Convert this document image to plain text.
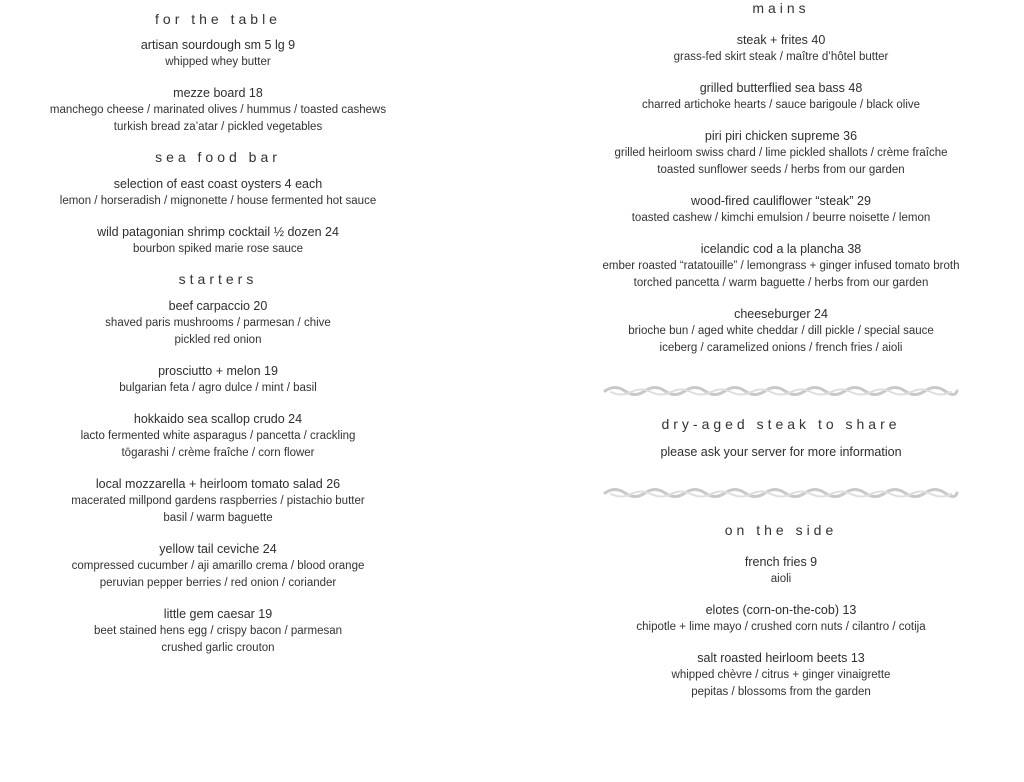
for the table
artisan sourdough sm 5 lg 9
whipped whey butter
mezze board 18
manchego cheese / marinated olives / hummus / toasted cashews
turkish bread za’atar / pickled vegetables
sea food bar
selection of east coast oysters 4 each
lemon / horseradish / mignonette / house fermented hot sauce
wild patagonian shrimp cocktail ½ dozen 24
bourbon spiked marie rose sauce
starters
beef carpaccio 20
shaved paris mushrooms / parmesan / chive
pickled red onion
prosciutto + melon 19
bulgarian feta / agro dulce / mint / basil
hokkaido sea scallop crudo 24
lacto fermented white asparagus / pancetta / crackling
tōgarashi / crème fraîche / corn flower
local mozzarella + heirloom tomato salad 26
macerated millpond gardens raspberries / pistachio butter
basil / warm baguette
yellow tail ceviche 24
compressed cucumber / aji amarillo crema / blood orange
peruvian pepper berries / red onion / coriander
little gem caesar 19
beet stained hens egg / crispy bacon / parmesan
crushed garlic crouton
mains
steak + frites 40
grass-fed skirt steak / maître d’hôtel butter
grilled butterflied sea bass 48
charred artichoke hearts / sauce barigoule / black olive
piri piri chicken supreme 36
grilled heirloom swiss chard / lime pickled shallots / crème fraîche
toasted sunflower seeds / herbs from our garden
wood-fired cauliflower “steak” 29
toasted cashew / kimchi emulsion / beurre noisette / lemon
icelandic cod a la plancha 38
ember roasted “ratatouille” / lemongrass + ginger infused tomato broth
torched pancetta / warm baguette / herbs from our garden
cheeseburger 24
brioche bun / aged white cheddar / dill pickle / special sauce
iceberg / caramelized onions / french fries / aioli
dry-aged steak to share
please ask your server for more information
on the side
french fries 9
aioli
elotes (corn-on-the-cob) 13
chipotle + lime mayo / crushed corn nuts / cilantro / cotija
salt roasted heirloom beets 13
whipped chèvre / citrus + ginger vinaigrette
pepitas / blossoms from the garden
